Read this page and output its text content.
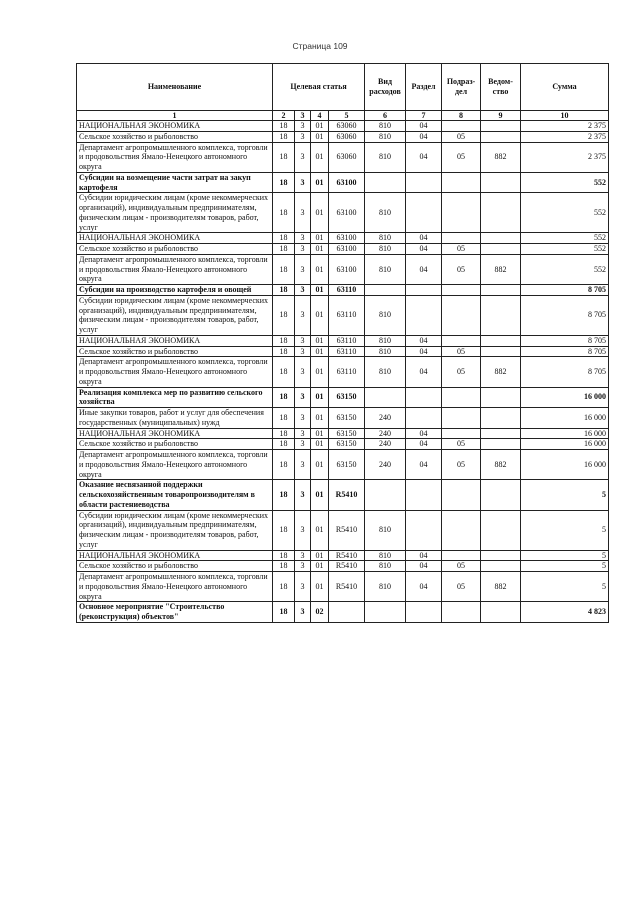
Страница 109
Наименование	Целевая статья				Вид расходов	Раздел	Подраз-дел	Ведом-ство	Сумма
1	2	3	4	5	6	7	8	9	10
НАЦИОНАЛЬНАЯ ЭКОНОМИКА	18	3	01	63060	810	04			2 375
Сельское хозяйство и рыболовство	18	3	01	63060	810	04	05		2 375
Департамент агропромышленного комплекса, торговли и продовольствия Ямало-Ненецкого автономного округа	18	3	01	63060	810	04	05	882	2 375
Субсидии на возмещение части затрат на закуп картофеля	18	3	01	63100					552
Субсидии юридическим лицам (кроме некоммерческих организаций), индивидуальным предпринимателям, физическим лицам - производителям товаров, работ, услуг	18	3	01	63100	810				552
НАЦИОНАЛЬНАЯ ЭКОНОМИКА	18	3	01	63100	810	04			552
Сельское хозяйство и рыболовство	18	3	01	63100	810	04	05		552
Департамент агропромышленного комплекса, торговли и продовольствия Ямало-Ненецкого автономного округа	18	3	01	63100	810	04	05	882	552
Субсидии на производство картофеля и овощей	18	3	01	63110					8 705
Субсидии юридическим лицам (кроме некоммерческих организаций), индивидуальным предпринимателям, физическим лицам - производителям товаров, работ, услуг	18	3	01	63110	810				8 705
НАЦИОНАЛЬНАЯ ЭКОНОМИКА	18	3	01	63110	810	04			8 705
Сельское хозяйство и рыболовство	18	3	01	63110	810	04	05		8 705
Департамент агропромышленного комплекса, торговли и продовольствия Ямало-Ненецкого автономного округа	18	3	01	63110	810	04	05	882	8 705
Реализация комплекса мер по развитию сельского хозяйства	18	3	01	63150					16 000
Иные закупки товаров, работ и услуг для обеспечения государственных (муниципальных) нужд	18	3	01	63150	240				16 000
НАЦИОНАЛЬНАЯ ЭКОНОМИКА	18	3	01	63150	240	04			16 000
Сельское хозяйство и рыболовство	18	3	01	63150	240	04	05		16 000
Департамент агропромышленного комплекса, торговли и продовольствия Ямало-Ненецкого автономного округа	18	3	01	63150	240	04	05	882	16 000
Оказание несвязанной поддержки сельскохозяйственным товаропроизводителям в области растениеводства	18	3	01	R5410					5
Субсидии юридическим лицам (кроме некоммерческих организаций), индивидуальным предпринимателям, физическим лицам - производителям товаров, работ, услуг	18	3	01	R5410	810				5
НАЦИОНАЛЬНАЯ ЭКОНОМИКА	18	3	01	R5410	810	04			5
Сельское хозяйство и рыболовство	18	3	01	R5410	810	04	05		5
Департамент агропромышленного комплекса, торговли и продовольствия Ямало-Ненецкого автономного округа	18	3	01	R5410	810	04	05	882	5
Основное мероприятие "Строительство (реконструкция) объектов"	18	3	02						4 823
